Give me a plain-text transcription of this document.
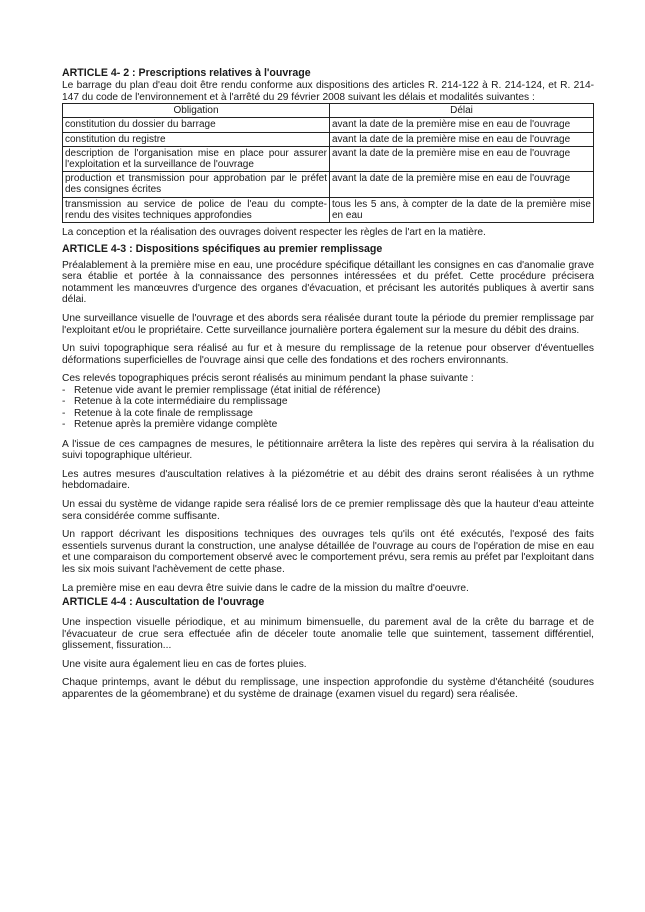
ARTICLE 4- 2 : Prescriptions relatives à l'ouvrage

Le barrage du plan d'eau doit être rendu conforme aux dispositions des articles R. 214-122 à R. 214-124, et R. 214-147 du code de l'environnement et à l'arrêté du 29 février 2008 suivant les délais et modalités suivantes :

Obligation	Délai
constitution du dossier du barrage	avant la date de la première mise en eau de l'ouvrage
constitution du registre	avant la date de la première mise en eau de l'ouvrage
description de l'organisation mise en place pour assurer l'exploitation et la surveillance de l'ouvrage	avant la date de la première mise en eau de l'ouvrage
production et transmission pour approbation par le préfet des consignes écrites	avant la date de la première mise en eau de l'ouvrage
transmission au service de police de l'eau du compte-rendu des visites techniques approfondies	tous les 5 ans, à compter de la date de la première mise en eau

La conception et la réalisation des ouvrages doivent respecter les règles de l'art en la matière.

ARTICLE 4-3 : Dispositions spécifiques au premier remplissage

Préalablement à la première mise en eau, une procédure spécifique détaillant les consignes en cas d'anomalie grave sera établie et portée à la connaissance des personnes intéressées et du préfet. Cette procédure précisera notamment les manœuvres d'urgence des organes d'évacuation, et précisant les autorités publiques à avertir sans délai.

Une surveillance visuelle de l'ouvrage et des abords sera réalisée durant toute la période du premier remplissage par l'exploitant et/ou le propriétaire. Cette surveillance journalière portera également sur la mesure du débit des drains.

Un suivi topographique sera réalisé au fur et à mesure du remplissage de la retenue pour observer d'éventuelles déformations superficielles de l'ouvrage ainsi que celle des fondations et des rochers environnants.

Ces relevés topographiques précis seront réalisés au minimum pendant la phase suivante :

- Retenue vide avant le premier remplissage (état initial de référence)
- Retenue à la cote intermédiaire du remplissage
- Retenue à la cote finale de remplissage
- Retenue après la première vidange complète

A l'issue de ces campagnes de mesures, le pétitionnaire arrêtera la liste des repères qui servira à la réalisation du suivi topographique ultérieur.

Les autres mesures d'auscultation relatives à la piézométrie et au débit des drains seront réalisées à un rythme hebdomadaire.

Un essai du système de vidange rapide sera réalisé lors de ce premier remplissage dès que la hauteur d'eau atteinte sera considérée comme suffisante.

Un rapport décrivant les dispositions techniques des ouvrages tels qu'ils ont été exécutés, l'exposé des faits essentiels survenus durant la construction, une analyse détaillée de l'ouvrage au cours de l'opération de mise en eau et une comparaison du comportement observé avec le comportement prévu, sera remis au préfet par l'exploitant dans les six mois suivant l'achèvement de cette phase.

La première mise en eau devra être suivie dans le cadre de la mission du maître d'oeuvre.

ARTICLE 4-4 : Auscultation de l'ouvrage

Une inspection visuelle périodique, et au minimum bimensuelle, du parement aval de la crête du barrage et de l'évacuateur de crue sera effectuée afin de déceler toute anomalie telle que suintement, tassement différentiel, glissement, fissuration...

Une visite aura également lieu en cas de fortes pluies.

Chaque printemps, avant le début du remplissage, une inspection approfondie du système d'étanchéité (soudures apparentes de la géomembrane) et du système de drainage (examen visuel du regard) sera réalisée.
